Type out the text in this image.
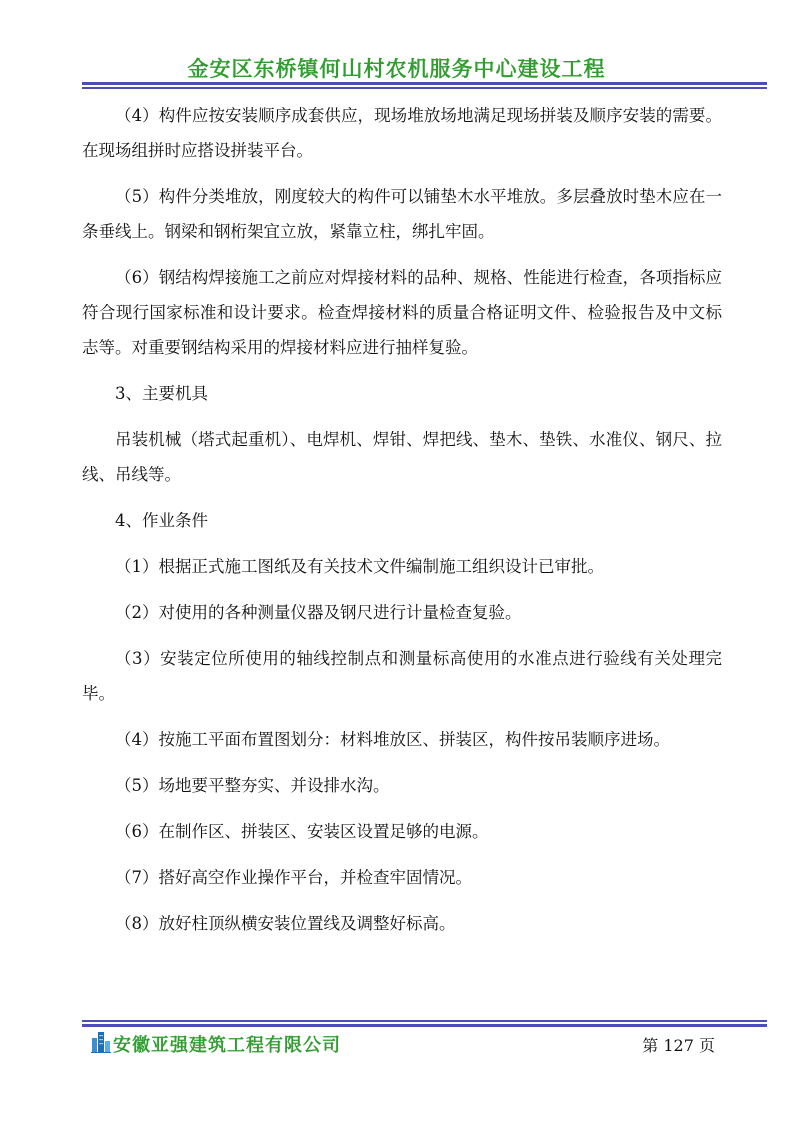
金安区东桥镇何山村农机服务中心建设工程

（4）构件应按安装顺序成套供应，现场堆放场地满足现场拼装及顺序安装的需要。在现场组拼时应搭设拼装平台。

（5）构件分类堆放，刚度较大的构件可以铺垫木水平堆放。多层叠放时垫木应在一条垂线上。钢梁和钢桁架宜立放，紧靠立柱，绑扎牢固。

（6）钢结构焊接施工之前应对焊接材料的品种、规格、性能进行检查，各项指标应符合现行国家标准和设计要求。检查焊接材料的质量合格证明文件、检验报告及中文标志等。对重要钢结构采用的焊接材料应进行抽样复验。

3、主要机具

吊装机械（塔式起重机）、电焊机、焊钳、焊把线、垫木、垫铁、水准仪、钢尺、拉线、吊线等。

4、作业条件

（1）根据正式施工图纸及有关技术文件编制施工组织设计已审批。

（2）对使用的各种测量仪器及钢尺进行计量检查复验。

（3）安装定位所使用的轴线控制点和测量标高使用的水准点进行验线有关处理完毕。

（4）按施工平面布置图划分：材料堆放区、拼装区，构件按吊装顺序进场。

（5）场地要平整夯实、并设排水沟。

（6）在制作区、拼装区、安装区设置足够的电源。

（7）搭好高空作业操作平台，并检查牢固情况。

（8）放好柱顶纵横安装位置线及调整好标高。

安徽亚强建筑工程有限公司	第 127 页
